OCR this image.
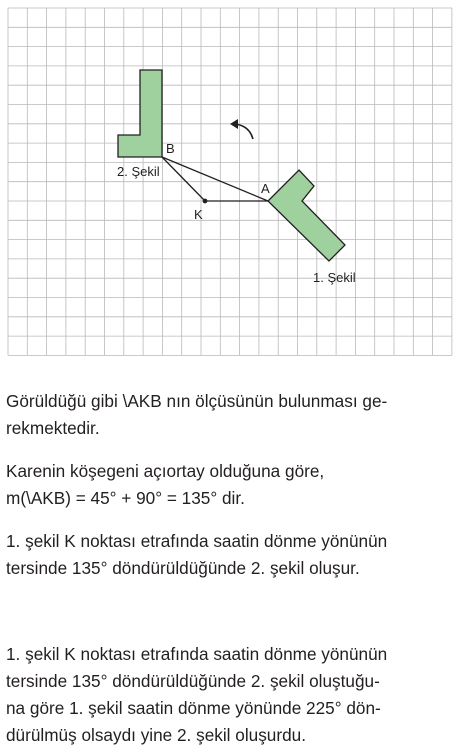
B
A
K
2. Şekil
1. Şekil

Görüldüğü gibi \AKB nın ölçüsünün bulunması ge-
rekmektedir.

Karenin köşegeni açıortay olduğuna göre,
m(\AKB) = 45° + 90° = 135° dir.

1. şekil K noktası etrafında saatin dönme yönünün
tersinde 135° döndürüldüğünde 2. şekil oluşur.

1. şekil K noktası etrafında saatin dönme yönünün
tersinde 135° döndürüldüğünde 2. şekil oluştuğu-
na göre 1. şekil saatin dönme yönünde 225° dön-
dürülmüş olsaydı yine 2. şekil oluşurdu.
